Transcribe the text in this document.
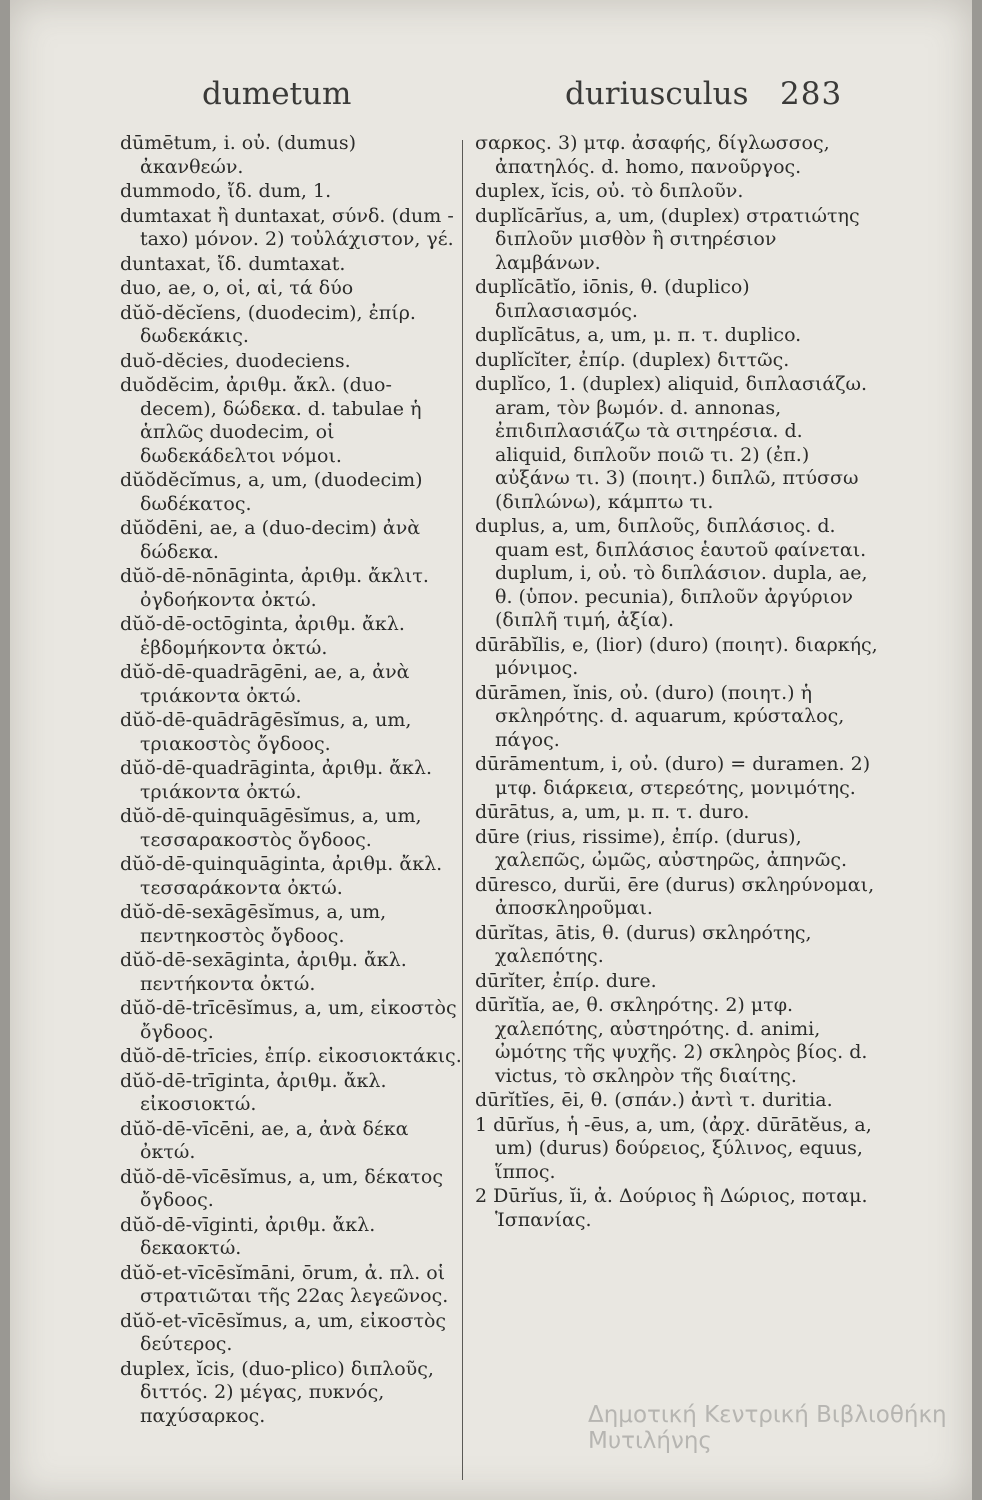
dumetum	duriusculus 283
dūmētum, i. οὐ. (dumus) ἀκανθεών.
dummodo, ἴδ. dum, 1.
dumtaxat ἢ duntaxat, σύνδ. (dum -taxo) μόνον. 2) τοὐλάχιστον, γέ.
duntaxat, ἴδ. dumtaxat.
duo, ae, o, οἱ, αἱ, τά δύο
dŭŏ-dĕcĭens, (duodecim), ἐπίρ. δωδεκάκις.
duŏ-dĕcies, duodeciens.
duŏdĕcim, ἀριθμ. ἄκλ. (duo-decem), δώδεκα. d. tabulae ἡ ἁπλῶς duodecim, οἱ δωδεκάδελτοι νόμοι.
dŭŏdĕcĭmus, a, um, (duodecim) δωδέκατος.
dŭŏdēni, ae, a (duo-decim) ἀνὰ δώδεκα.
dŭŏ-dē-nōnāginta, ἀριθμ. ἄκλιτ. ὀγδοήκοντα ὀκτώ.
dŭŏ-dē-octōginta, ἀριθμ. ἄκλ. ἑβδομήκοντα ὀκτώ.
dŭŏ-dē-quadrāgēni, ae, a, ἀνὰ τριάκοντα ὀκτώ.
dŭŏ-dē-quādrāgēsĭmus, a, um, τριακοστὸς ὄγδοος.
dŭŏ-dē-quadrāginta, ἀριθμ. ἄκλ. τριάκοντα ὀκτώ.
dŭŏ-dē-quinquāgēsĭmus, a, um, τεσσαρακοστὸς ὄγδοος.
dŭŏ-dē-quinquāginta, ἀριθμ. ἄκλ. τεσσαράκοντα ὀκτώ.
dŭŏ-dē-sexāgēsĭmus, a, um, πεντηκοστὸς ὄγδοος.
dŭŏ-dē-sexāginta, ἀριθμ. ἄκλ. πεντήκοντα ὀκτώ.
dŭŏ-dē-trīcēsĭmus, a, um, εἰκοστὸς ὄγδοος.
dŭŏ-dē-trīcies, ἐπίρ. εἰκοσιοκτάκις.
dŭŏ-dē-trīginta, ἀριθμ. ἄκλ. εἰκοσιοκτώ.
dŭŏ-dē-vīcēni, ae, a, ἀνὰ δέκα ὀκτώ.
dŭŏ-dē-vīcēsĭmus, a, um, δέκατος ὄγδοος.
dŭŏ-dē-vīginti, ἀριθμ. ἄκλ. δεκαοκτώ.
dŭŏ-et-vīcēsĭmāni, ōrum, ἀ. πλ. οἱ στρατιῶται τῆς 22ας λεγεῶνος.
dŭŏ-et-vīcēsĭmus, a, um, εἰκοστὸς δεύτερος.
duplex, ĭcis, (duo-plico) διπλοῦς, διττός. 2) μέγας, πυκνός, παχύσαρκος.
σαρκος. 3) μτφ. ἀσαφής, δίγλωσσος, ἀπατηλός. d. homo, πανοῦργος.
duplex, ĭcis, οὐ. τὸ διπλοῦν.
duplĭcārĭus, a, um, (duplex) στρατιώτης διπλοῦν μισθὸν ἢ σιτηρέσιον λαμβάνων.
duplĭcātĭo, iōnis, θ. (duplico) διπλασιασμός.
duplĭcātus, a, um, μ. π. τ. duplico.
duplĭcĭter, ἐπίρ. (duplex) διττῶς.
duplĭco, 1. (duplex) aliquid, διπλασιάζω. aram, τὸν βωμόν. d. annonas, ἐπιδιπλασιάζω τὰ σιτηρέσια. d. aliquid, διπλοῦν ποιῶ τι. 2) (ἐπ.) αὐξάνω τι. 3) (ποιητ.) διπλῶ, πτύσσω (διπλώνω), κάμπτω τι.
duplus, a, um, διπλοῦς, διπλάσιος. d. quam est, διπλάσιος ἑαυτοῦ φαίνεται. duplum, i, οὐ. τὸ διπλάσιον. dupla, ae, θ. (ὑπον. pecunia), διπλοῦν ἀργύριον (διπλῆ τιμή, ἀξία).
dūrābĭlis, e, (lior) (duro) (ποιητ). διαρκής, μόνιμος.
dūrāmen, ĭnis, οὐ. (duro) (ποιητ.) ἡ σκληρότης. d. aquarum, κρύσταλος, πάγος.
dūrāmentum, i, οὐ. (duro) = duramen. 2) μτφ. διάρκεια, στερεότης, μονιμότης.
dūrātus, a, um, μ. π. τ. duro.
dūre (rius, rissime), ἐπίρ. (durus), χαλεπῶς, ὠμῶς, αὐστηρῶς, ἀπηνῶς.
dūresco, durŭi, ēre (durus) σκληρύνομαι, ἀποσκληροῦμαι.
dūrĭtas, ātis, θ. (durus) σκληρότης, χαλεπότης.
dūrĭter, ἐπίρ. dure.
dūrĭtĭa, ae, θ. σκληρότης. 2) μτφ. χαλεπότης, αὐστηρότης. d. animi, ὠμότης τῆς ψυχῆς. 2) σκληρὸς βίος. d. victus, τὸ σκληρὸν τῆς διαίτης.
dūrĭtĭes, ēi, θ. (σπάν.) ἀντὶ τ. duritia.
1 dūrĭus, ἡ -ēus, a, um, (ἀρχ. dūrātĕus, a, um) (durus) δούρειος, ξύλινος, equus, ἵππος.
2 Dūrĭus, ĭi, ἀ. Δούριος ἢ Δώριος, ποταμ. Ἱσπανίας.
Δημοτική Κεντρική Βιβλιοθήκη Μυτιλήνης
